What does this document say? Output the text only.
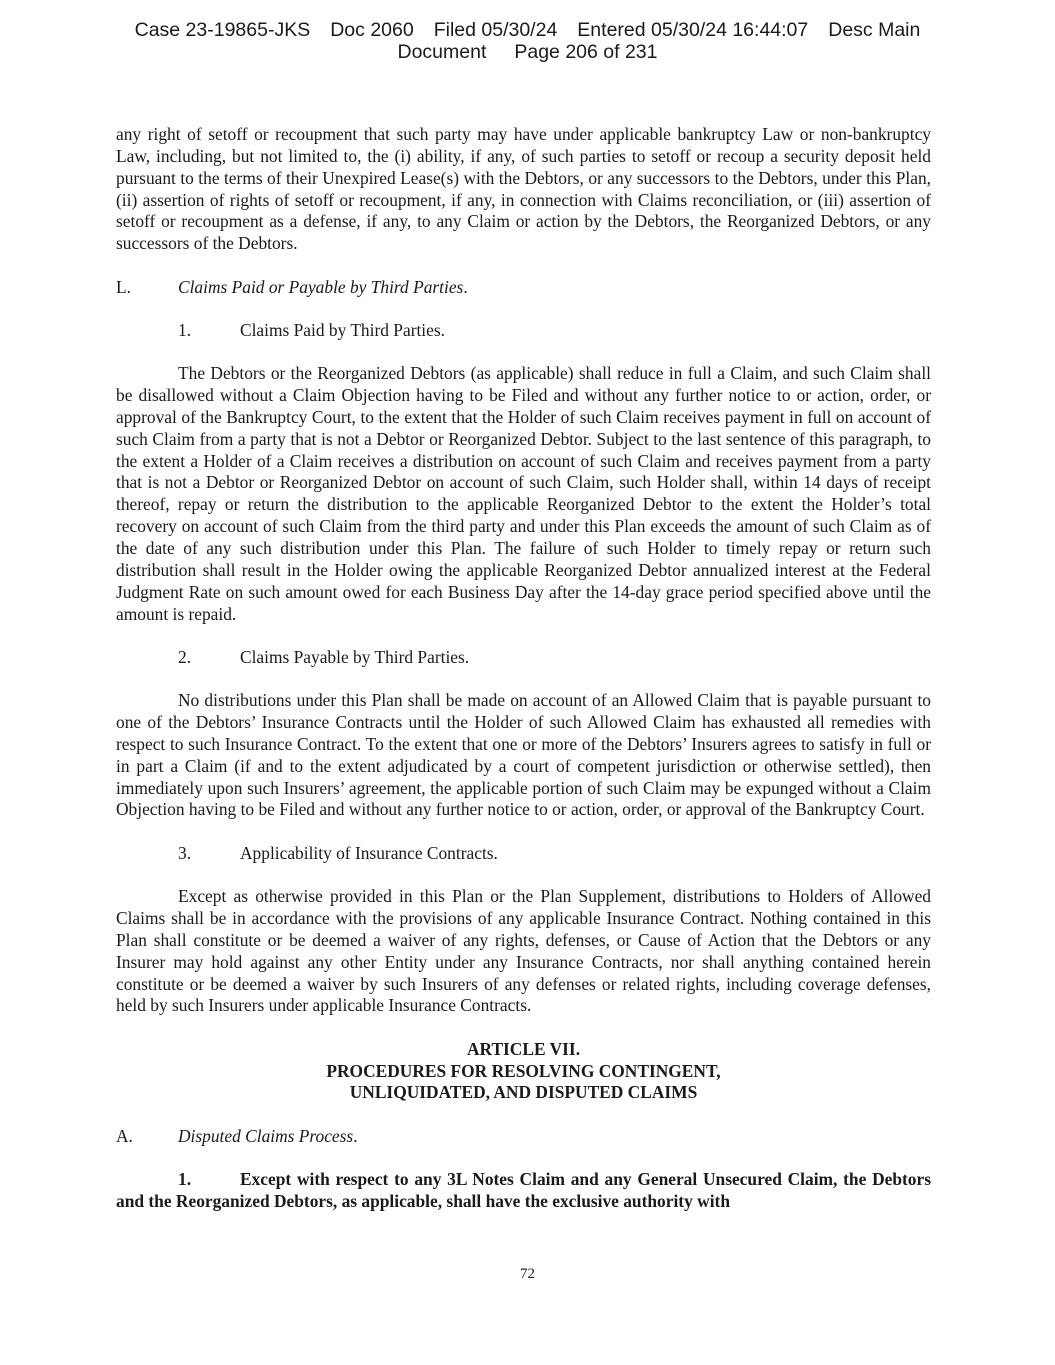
Case 23-19865-JKS Doc 2060 Filed 05/30/24 Entered 05/30/24 16:44:07 Desc Main
Document Page 206 of 231

any right of setoff or recoupment that such party may have under applicable bankruptcy Law or non-bankruptcy Law, including, but not limited to, the (i) ability, if any, of such parties to setoff or recoup a security deposit held pursuant to the terms of their Unexpired Lease(s) with the Debtors, or any successors to the Debtors, under this Plan, (ii) assertion of rights of setoff or recoupment, if any, in connection with Claims reconciliation, or (iii) assertion of setoff or recoupment as a defense, if any, to any Claim or action by the Debtors, the Reorganized Debtors, or any successors of the Debtors.

L.	Claims Paid or Payable by Third Parties.

1.	Claims Paid by Third Parties.

The Debtors or the Reorganized Debtors (as applicable) shall reduce in full a Claim, and such Claim shall be disallowed without a Claim Objection having to be Filed and without any further notice to or action, order, or approval of the Bankruptcy Court, to the extent that the Holder of such Claim receives payment in full on account of such Claim from a party that is not a Debtor or Reorganized Debtor. Subject to the last sentence of this paragraph, to the extent a Holder of a Claim receives a distribution on account of such Claim and receives payment from a party that is not a Debtor or Reorganized Debtor on account of such Claim, such Holder shall, within 14 days of receipt thereof, repay or return the distribution to the applicable Reorganized Debtor to the extent the Holder’s total recovery on account of such Claim from the third party and under this Plan exceeds the amount of such Claim as of the date of any such distribution under this Plan. The failure of such Holder to timely repay or return such distribution shall result in the Holder owing the applicable Reorganized Debtor annualized interest at the Federal Judgment Rate on such amount owed for each Business Day after the 14-day grace period specified above until the amount is repaid.

2.	Claims Payable by Third Parties.

No distributions under this Plan shall be made on account of an Allowed Claim that is payable pursuant to one of the Debtors’ Insurance Contracts until the Holder of such Allowed Claim has exhausted all remedies with respect to such Insurance Contract. To the extent that one or more of the Debtors’ Insurers agrees to satisfy in full or in part a Claim (if and to the extent adjudicated by a court of competent jurisdiction or otherwise settled), then immediately upon such Insurers’ agreement, the applicable portion of such Claim may be expunged without a Claim Objection having to be Filed and without any further notice to or action, order, or approval of the Bankruptcy Court.

3.	Applicability of Insurance Contracts.

Except as otherwise provided in this Plan or the Plan Supplement, distributions to Holders of Allowed Claims shall be in accordance with the provisions of any applicable Insurance Contract. Nothing contained in this Plan shall constitute or be deemed a waiver of any rights, defenses, or Cause of Action that the Debtors or any Insurer may hold against any other Entity under any Insurance Contracts, nor shall anything contained herein constitute or be deemed a waiver by such Insurers of any defenses or related rights, including coverage defenses, held by such Insurers under applicable Insurance Contracts.

ARTICLE VII.
PROCEDURES FOR RESOLVING CONTINGENT,
UNLIQUIDATED, AND DISPUTED CLAIMS

A.	Disputed Claims Process.

1.	Except with respect to any 3L Notes Claim and any General Unsecured Claim, the Debtors and the Reorganized Debtors, as applicable, shall have the exclusive authority with

72
